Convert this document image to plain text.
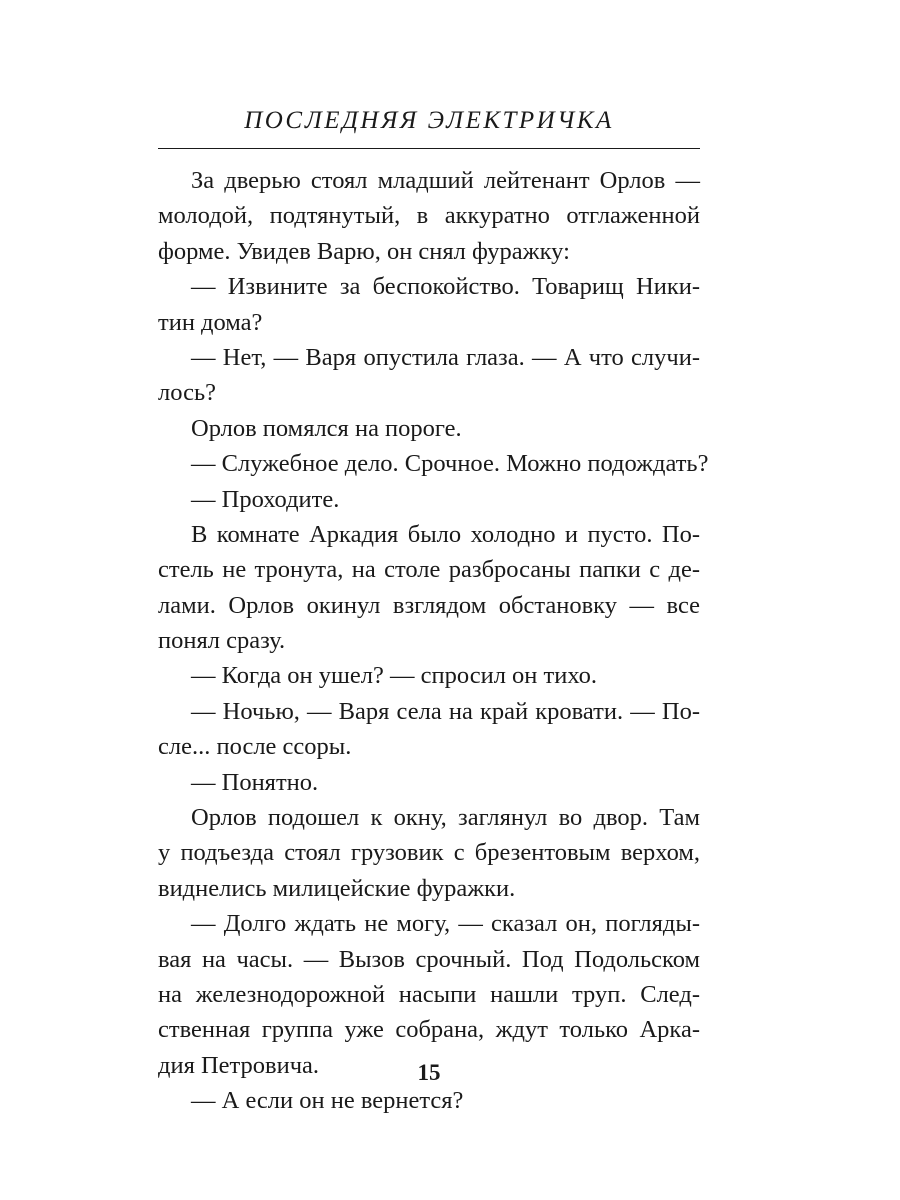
ПОСЛЕДНЯЯ ЭЛЕКТРИЧКА
За дверью стоял младший лейтенант Орлов —
молодой, подтянутый, в аккуратно отглаженной
форме. Увидев Варю, он снял фуражку:
— Извините за беспокойство. Товарищ Ники-
тин дома?
— Нет, — Варя опустила глаза. — А что случи-
лось?
Орлов помялся на пороге.
— Служебное дело. Срочное. Можно подождать?
— Проходите.
В комнате Аркадия было холодно и пусто. По-
стель не тронута, на столе разбросаны папки с де-
лами. Орлов окинул взглядом обстановку — все
понял сразу.
— Когда он ушел? — спросил он тихо.
— Ночью, — Варя села на край кровати. — По-
сле... после ссоры.
— Понятно.
Орлов подошел к окну, заглянул во двор. Там
у подъезда стоял грузовик с брезентовым верхом,
виднелись милицейские фуражки.
— Долго ждать не могу, — сказал он, погляды-
вая на часы. — Вызов срочный. Под Подольском
на железнодорожной насыпи нашли труп. След-
ственная группа уже собрана, ждут только Арка-
дия Петровича.
— А если он не вернется?
15
